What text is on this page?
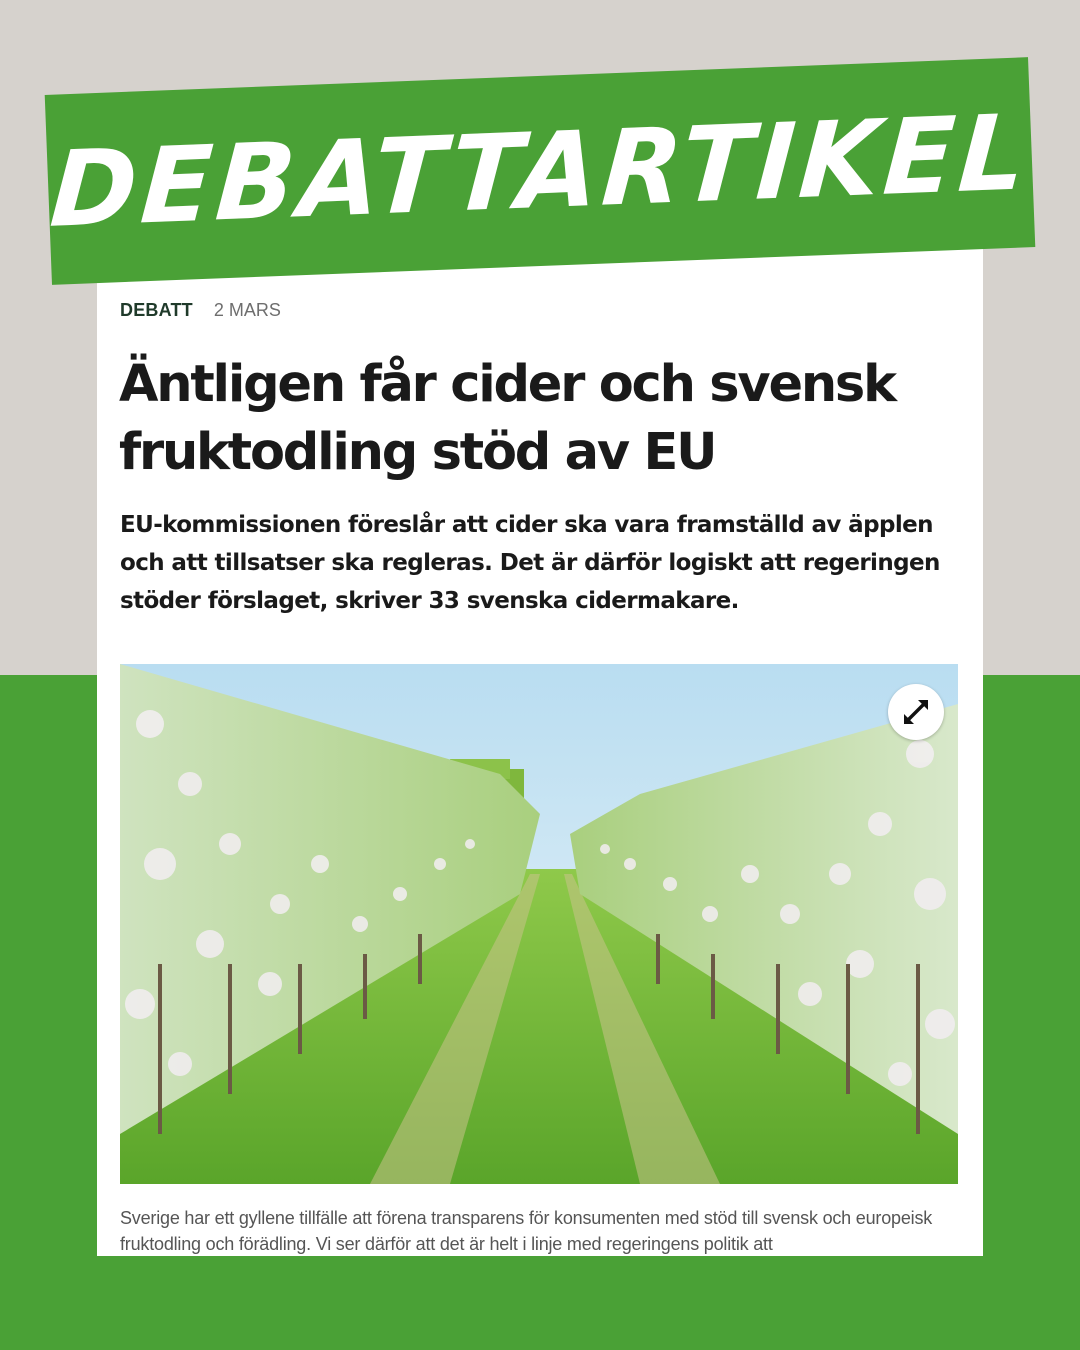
DEBATT 2 MARS
Äntligen får cider och svensk fruktodling stöd av EU

EU-kommissionen föreslår att cider ska vara framställd av äpplen och att tillsatser ska regleras. Det är därför logiskt att regeringen stöder förslaget, skriver 33 svenska cidermakare.

Sverige har ett gyllene tillfälle att förena transparens för konsumenten med stöd till svensk och europeisk fruktodling och förädling. Vi ser därför att det är helt i linje med regeringens politik att

DEBATTARTIKEL
